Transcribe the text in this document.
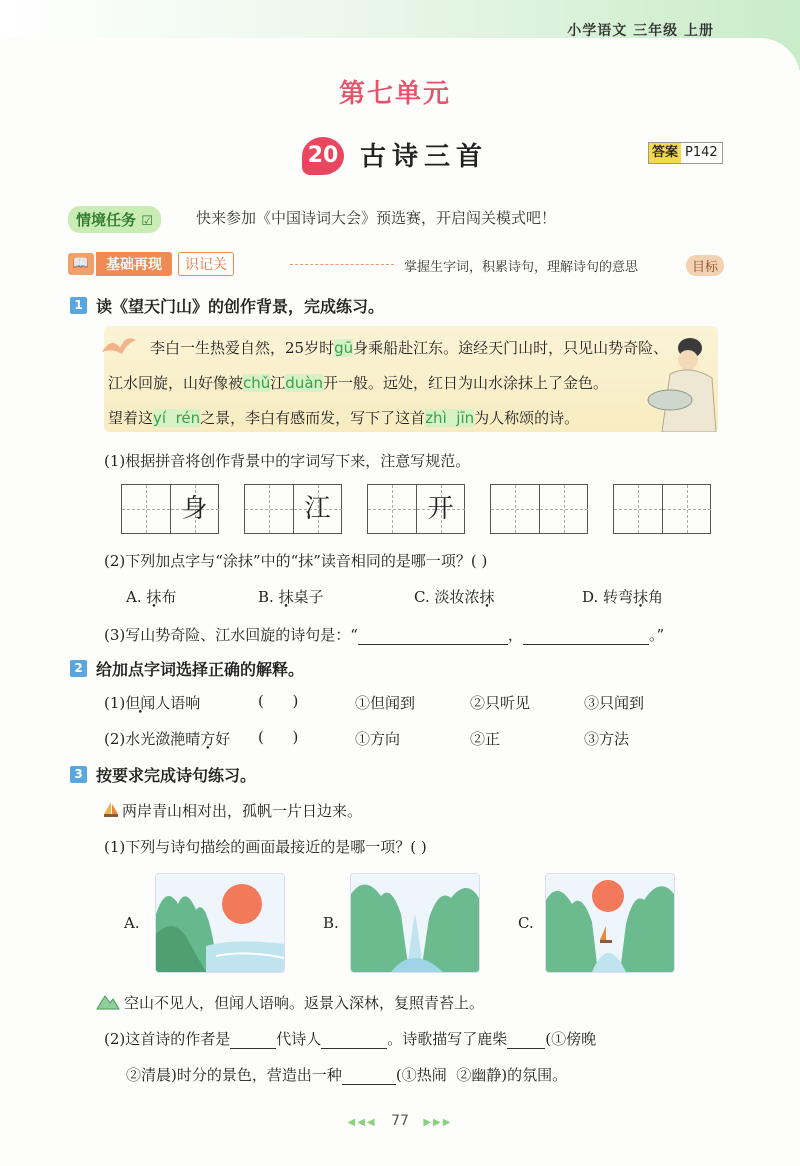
小学语文 三年级 上册
第七单元
20 古诗三首	答案 P142
情境任务 ☑	快来参加《中国诗词大会》预选赛，开启闯关模式吧！
📖	基础再现	识记关	掌握生字词，积累诗句，理解诗句的意思	目标
1 读《望天门山》的创作背景，完成练习。
李白一生热爱自然，25岁时gū身乘船赴江东。途经天门山时，只见山势奇险、
江水回旋，山好像被chǔ江duàn开一般。远处，红日为山水涂抹上了金色。
望着这yí  rén之景，李白有感而发，写下了这首zhì  jīn为人称颂的诗。
(1)根据拼音将创作背景中的字词写下来，注意写规范。
身	江	开
(2)下列加点字与“涂抹”中的“抹”读音相同的是哪一项？( )
A. 抹布	B. 抹桌子	C. 淡妆浓抹	D. 转弯抹角
(3)写山势奇险、江水回旋的诗句是：“	，	。”
2 给加点字词选择正确的解释。
(1)但闻人语响	(      )	①但闻到	②只听见	③只闻到
(2)水光潋滟晴方好 (      )	①方向	②正	③方法
3 按要求完成诗句练习。
两岸青山相对出，孤帆一片日边来。
(1)下列与诗句描绘的画面最接近的是哪一项？( )
A.	B.	C.
空山不见人，但闻人语响。返景入深林，复照青苔上。
(2)这首诗的作者是	代诗人	。诗歌描写了鹿柴	(①傍晚
②清晨)时分的景色，营造出一种	(①热闹  ②幽静)的氛围。
◀◀◀ 77 ▶▶▶
